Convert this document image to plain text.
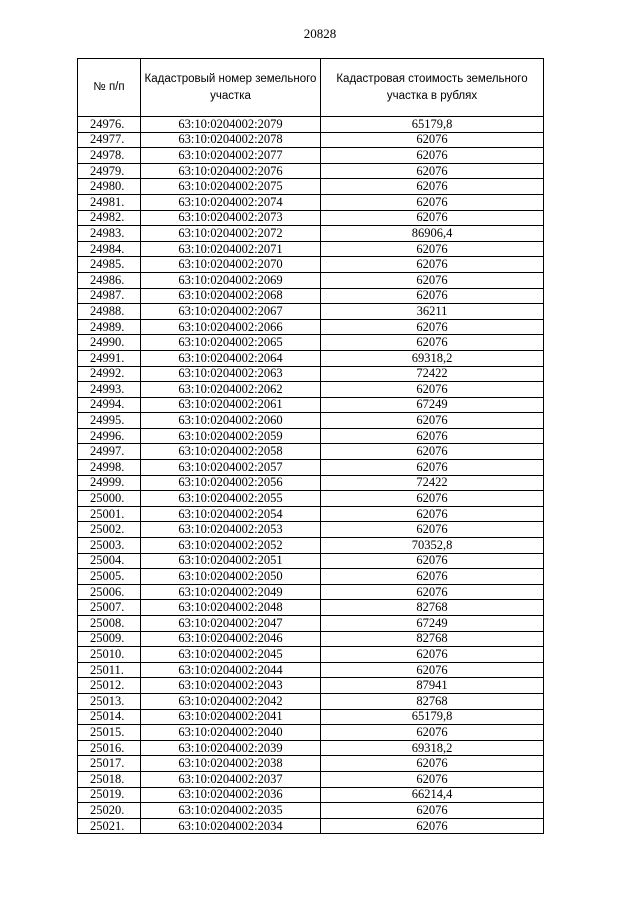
20828
№ п/п	Кадастровый номер земельного участка	Кадастровая стоимость земельного участка в рублях
24976.	63:10:0204002:2079	65179,8
24977.	63:10:0204002:2078	62076
24978.	63:10:0204002:2077	62076
24979.	63:10:0204002:2076	62076
24980.	63:10:0204002:2075	62076
24981.	63:10:0204002:2074	62076
24982.	63:10:0204002:2073	62076
24983.	63:10:0204002:2072	86906,4
24984.	63:10:0204002:2071	62076
24985.	63:10:0204002:2070	62076
24986.	63:10:0204002:2069	62076
24987.	63:10:0204002:2068	62076
24988.	63:10:0204002:2067	36211
24989.	63:10:0204002:2066	62076
24990.	63:10:0204002:2065	62076
24991.	63:10:0204002:2064	69318,2
24992.	63:10:0204002:2063	72422
24993.	63:10:0204002:2062	62076
24994.	63:10:0204002:2061	67249
24995.	63:10:0204002:2060	62076
24996.	63:10:0204002:2059	62076
24997.	63:10:0204002:2058	62076
24998.	63:10:0204002:2057	62076
24999.	63:10:0204002:2056	72422
25000.	63:10:0204002:2055	62076
25001.	63:10:0204002:2054	62076
25002.	63:10:0204002:2053	62076
25003.	63:10:0204002:2052	70352,8
25004.	63:10:0204002:2051	62076
25005.	63:10:0204002:2050	62076
25006.	63:10:0204002:2049	62076
25007.	63:10:0204002:2048	82768
25008.	63:10:0204002:2047	67249
25009.	63:10:0204002:2046	82768
25010.	63:10:0204002:2045	62076
25011.	63:10:0204002:2044	62076
25012.	63:10:0204002:2043	87941
25013.	63:10:0204002:2042	82768
25014.	63:10:0204002:2041	65179,8
25015.	63:10:0204002:2040	62076
25016.	63:10:0204002:2039	69318,2
25017.	63:10:0204002:2038	62076
25018.	63:10:0204002:2037	62076
25019.	63:10:0204002:2036	66214,4
25020.	63:10:0204002:2035	62076
25021.	63:10:0204002:2034	62076
